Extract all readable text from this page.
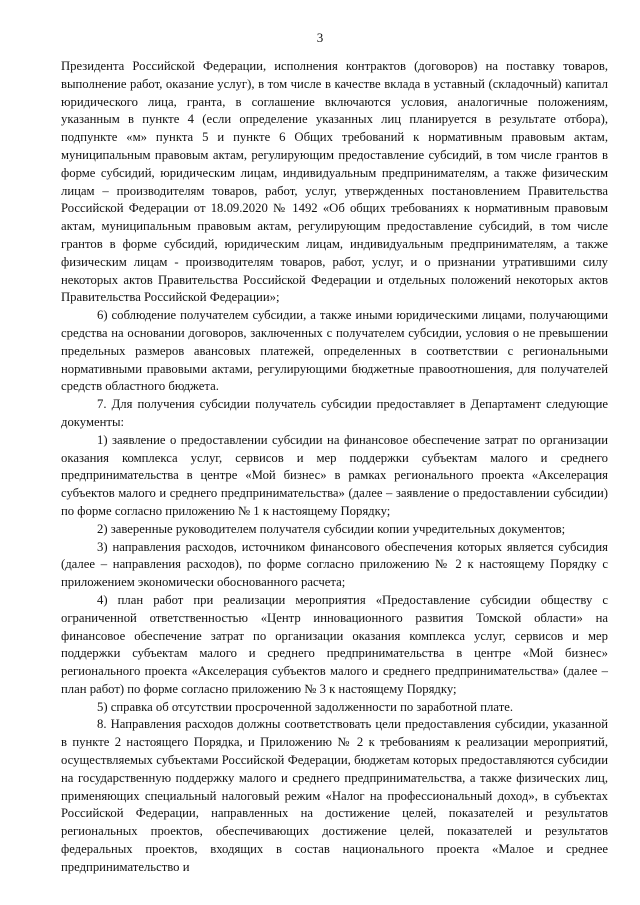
3

Президента Российской Федерации, исполнения контрактов (договоров) на поставку товаров, выполнение работ, оказание услуг), в том числе в качестве вклада в уставный (складочный) капитал юридического лица, гранта, в соглашение включаются условия, аналогичные положениям, указанным в пункте 4 (если определение указанных лиц планируется в результате отбора), подпункте «м» пункта 5 и пункте 6 Общих требований к нормативным правовым актам, муниципальным правовым актам, регулирующим предоставление субсидий, в том числе грантов в форме субсидий, юридическим лицам, индивидуальным предпринимателям, а также физическим лицам – производителям товаров, работ, услуг, утвержденных постановлением Правительства Российской Федерации от 18.09.2020 № 1492 «Об общих требованиях к нормативным правовым актам, муниципальным правовым актам, регулирующим предоставление субсидий, в том числе грантов в форме субсидий, юридическим лицам, индивидуальным предпринимателям, а также физическим лицам - производителям товаров, работ, услуг, и о признании утратившими силу некоторых актов Правительства Российской Федерации и отдельных положений некоторых актов Правительства Российской Федерации»;

6) соблюдение получателем субсидии, а также иными юридическими лицами, получающими средства на основании договоров, заключенных с получателем субсидии, условия о не превышении предельных размеров авансовых платежей, определенных в соответствии с региональными нормативными правовыми актами, регулирующими бюджетные правоотношения, для получателей средств областного бюджета.

7. Для получения субсидии получатель субсидии предоставляет в Департамент следующие документы:

1) заявление о предоставлении субсидии на финансовое обеспечение затрат по организации оказания комплекса услуг, сервисов и мер поддержки субъектам малого и среднего предпринимательства в центре «Мой бизнес» в рамках регионального проекта «Акселерация субъектов малого и среднего предпринимательства» (далее – заявление о предоставлении субсидии) по форме согласно приложению № 1 к настоящему Порядку;

2) заверенные руководителем получателя субсидии копии учредительных документов;

3) направления расходов, источником финансового обеспечения которых является субсидия (далее – направления расходов), по форме согласно приложению № 2 к настоящему Порядку с приложением экономически обоснованного расчета;

4) план работ при реализации мероприятия «Предоставление субсидии обществу с ограниченной ответственностью «Центр инновационного развития Томской области» на финансовое обеспечение затрат по организации оказания комплекса услуг, сервисов и мер поддержки субъектам малого и среднего предпринимательства в центре «Мой бизнес» регионального проекта «Акселерация субъектов малого и среднего предпринимательства» (далее – план работ) по форме согласно приложению № 3 к настоящему Порядку;

5) справка об отсутствии просроченной задолженности по заработной плате.

8. Направления расходов должны соответствовать цели предоставления субсидии, указанной в пункте 2 настоящего Порядка, и Приложению № 2 к требованиям к реализации мероприятий, осуществляемых субъектами Российской Федерации, бюджетам которых предоставляются субсидии на государственную поддержку малого и среднего предпринимательства, а также физических лиц, применяющих специальный налоговый режим «Налог на профессиональный доход», в субъектах Российской Федерации, направленных на достижение целей, показателей и результатов региональных проектов, обеспечивающих достижение целей, показателей и результатов федеральных проектов, входящих в состав национального проекта «Малое и среднее предпринимательство и
